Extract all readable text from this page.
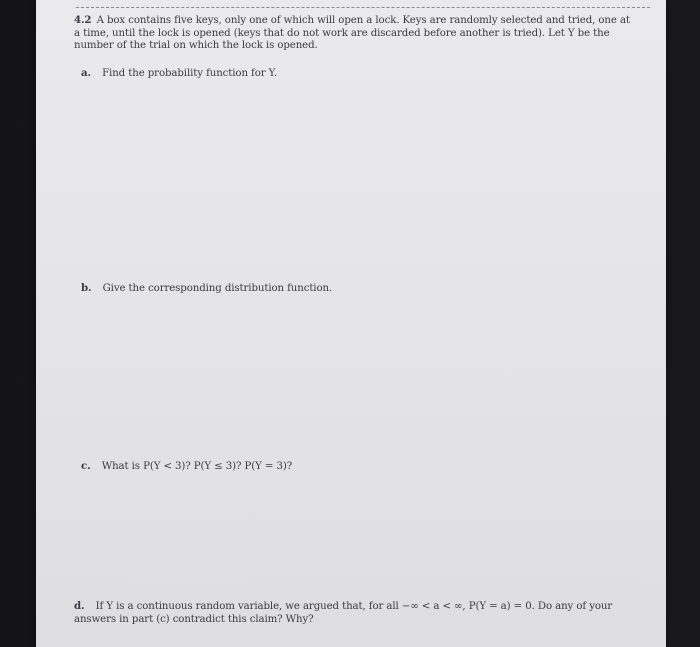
4.2 A box contains five keys, only one of which will open a lock. Keys are randomly selected and tried, one at a time, until the lock is opened (keys that do not work are discarded before another is tried). Let Y be the number of the trial on which the lock is opened.
a. Find the probability function for Y.
b. Give the corresponding distribution function.
c. What is P(Y < 3)? P(Y ≤ 3)? P(Y = 3)?
d. If Y is a continuous random variable, we argued that, for all −∞ < a < ∞, P(Y = a) = 0. Do any of your answers in part (c) contradict this claim? Why?
